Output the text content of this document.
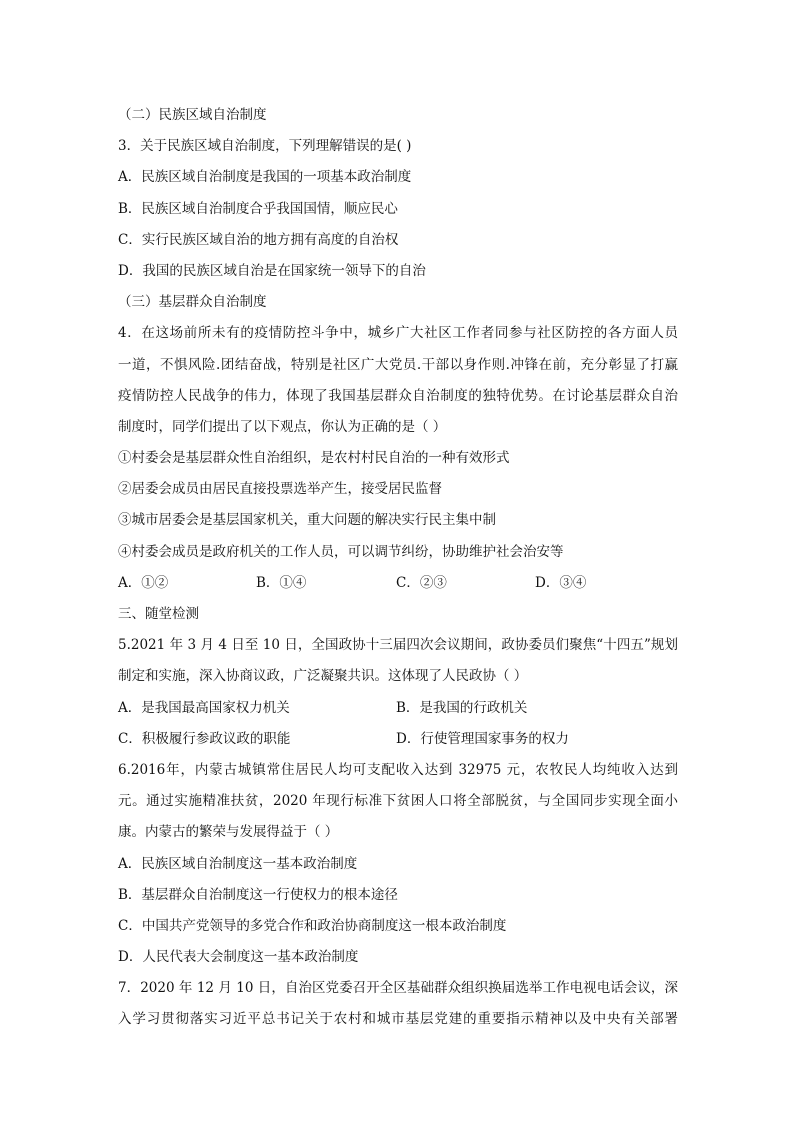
（二）民族区域自治制度
3．关于民族区域自治制度，下列理解错误的是( )
A．民族区域自治制度是我国的一项基本政治制度
B．民族区域自治制度合乎我国国情，顺应民心
C．实行民族区域自治的地方拥有高度的自治权
D．我国的民族区域自治是在国家统一领导下的自治
（三）基层群众自治制度
4．在这场前所未有的疫情防控斗争中，城乡广大社区工作者同参与社区防控的各方面人员
一道，不惧风险.团结奋战，特别是社区广大党员.干部以身作则.冲锋在前，充分彰显了打赢
疫情防控人民战争的伟力，体现了我国基层群众自治制度的独特优势。在讨论基层群众自治
制度时，同学们提出了以下观点，你认为正确的是（ ）
①村委会是基层群众性自治组织，是农村村民自治的一种有效形式
②居委会成员由居民直接投票选举产生，接受居民监督
③城市居委会是基层国家机关，重大问题的解决实行民主集中制
④村委会成员是政府机关的工作人员，可以调节纠纷，协助维护社会治安等
A．①②	B．①④	C．②③	D．③④
三、随堂检测
5.2021 年 3 月 4 日至 10 日，全国政协十三届四次会议期间，政协委员们聚焦“十四五”规划
制定和实施，深入协商议政，广泛凝聚共识。这体现了人民政协（ ）
A．是我国最高国家权力机关	B．是我国的行政机关
C．积极履行参政议政的职能	D．行使管理国家事务的权力
6.2016年，内蒙古城镇常住居民人均可支配收入达到 32975 元，农牧民人均纯收入达到
元。通过实施精准扶贫，2020 年现行标准下贫困人口将全部脱贫，与全国同步实现全面小
康。内蒙古的繁荣与发展得益于（ ）
A．民族区域自治制度这一基本政治制度
B．基层群众自治制度这一行使权力的根本途径
C．中国共产党领导的多党合作和政治协商制度这一根本政治制度
D．人民代表大会制度这一基本政治制度
7．2020 年 12 月 10 日，自治区党委召开全区基础群众组织换届选举工作电视电话会议，深
入学习贯彻落实习近平总书记关于农村和城市基层党建的重要指示精神以及中央有关部署
